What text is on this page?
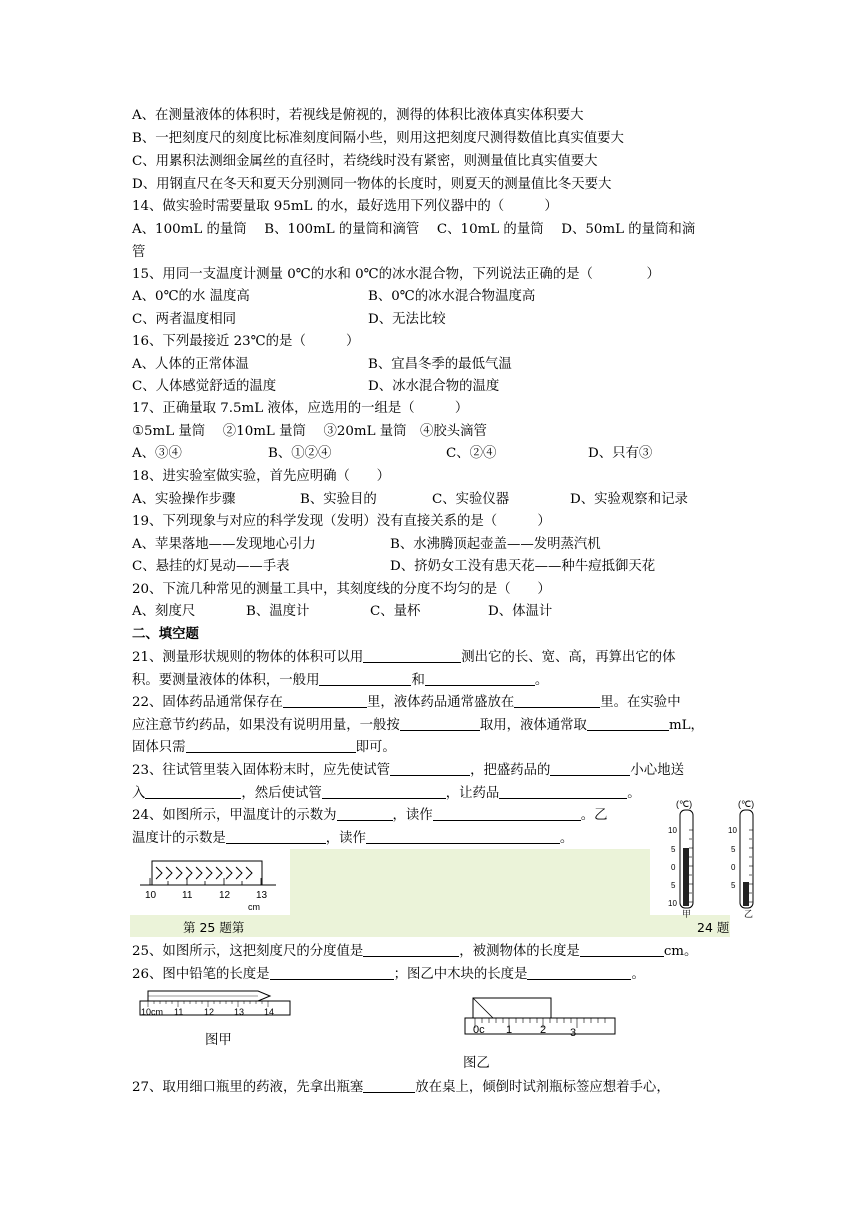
A、在测量液体的体积时，若视线是俯视的，测得的体积比液体真实体积要大
B、一把刻度尺的刻度比标准刻度间隔小些，则用这把刻度尺测得数值比真实值要大
C、用累积法测细金属丝的直径时，若绕线时没有紧密，则测量值比真实值要大
D、用钢直尺在冬天和夏天分别测同一物体的长度时，则夏天的测量值比冬天要大
14、做实验时需要量取 95mL 的水，最好选用下列仪器中的（　　　）
A、100mL 的量筒　 B、100mL 的量筒和滴管　 C、10mL 的量筒　 D、50mL 的量筒和滴
管
15、用同一支温度计测量 0℃的水和 0℃的冰水混合物，下列说法正确的是（　　　　）
A、0℃的水 温度高	B、0℃的冰水混合物温度高
C、两者温度相同	D、无法比较
16、下列最接近 23℃的是（　　　）
A、人体的正常体温	B、宜昌冬季的最低气温
C、人体感觉舒适的温度	D、冰水混合物的温度
17、正确量取 7.5mL 液体，应选用的一组是（　　　）
①5mL 量筒　 ②10mL 量筒　 ③20mL 量筒　④胶头滴管
A、③④	B、①②④	C、②④	D、只有③
18、进实验室做实验，首先应明确（　　）
A、实验操作步骤	B、实验目的	C、实验仪器	D、实验观察和记录
19、下列现象与对应的科学发现（发明）没有直接关系的是（　　　）
A、苹果落地——发现地心引力	B、水沸腾顶起壶盖——发明蒸汽机
C、悬挂的灯晃动——手表	D、挤奶女工没有患天花——种牛痘抵御天花
20、下流几种常见的测量工具中，其刻度线的分度不均匀的是（　　）
A、刻度尺	B、温度计	C、量杯	D、体温计
二、填空题
21、测量形状规则的物体的体积可以用	测出它的长、宽、高，再算出它的体
积。要测量液体的体积，一般用	和	。
22、固体药品通常保存在	里，液体药品通常盛放在	里。在实验中
应注意节约药品，如果没有说明用量，一般按	取用，液体通常取	mL，
固体只需	即可。
23、往试管里装入固体粉末时，应先使试管	，把盛药品的	小心地送
入	，然后使试管	，让药品	。
24、如图所示，甲温度计的示数为	，读作	。乙
温度计的示数是	，读作	。
第 25 题第	24 题
10	11	12	13
cm
(℃)	(℃)
10
5
0
5
10
甲
10
5
0
5
乙
25、如图所示，这把刻度尺的分度值是	，被测物体的长度是	cm。
26、图中铅笔的长度是	；图乙中木块的长度是	。
10cm 11 12 13 14
图甲
0c 1	2 3
图乙
27、取用细口瓶里的药液，先拿出瓶塞	放在桌上，倾倒时试剂瓶标签应想着手心，
